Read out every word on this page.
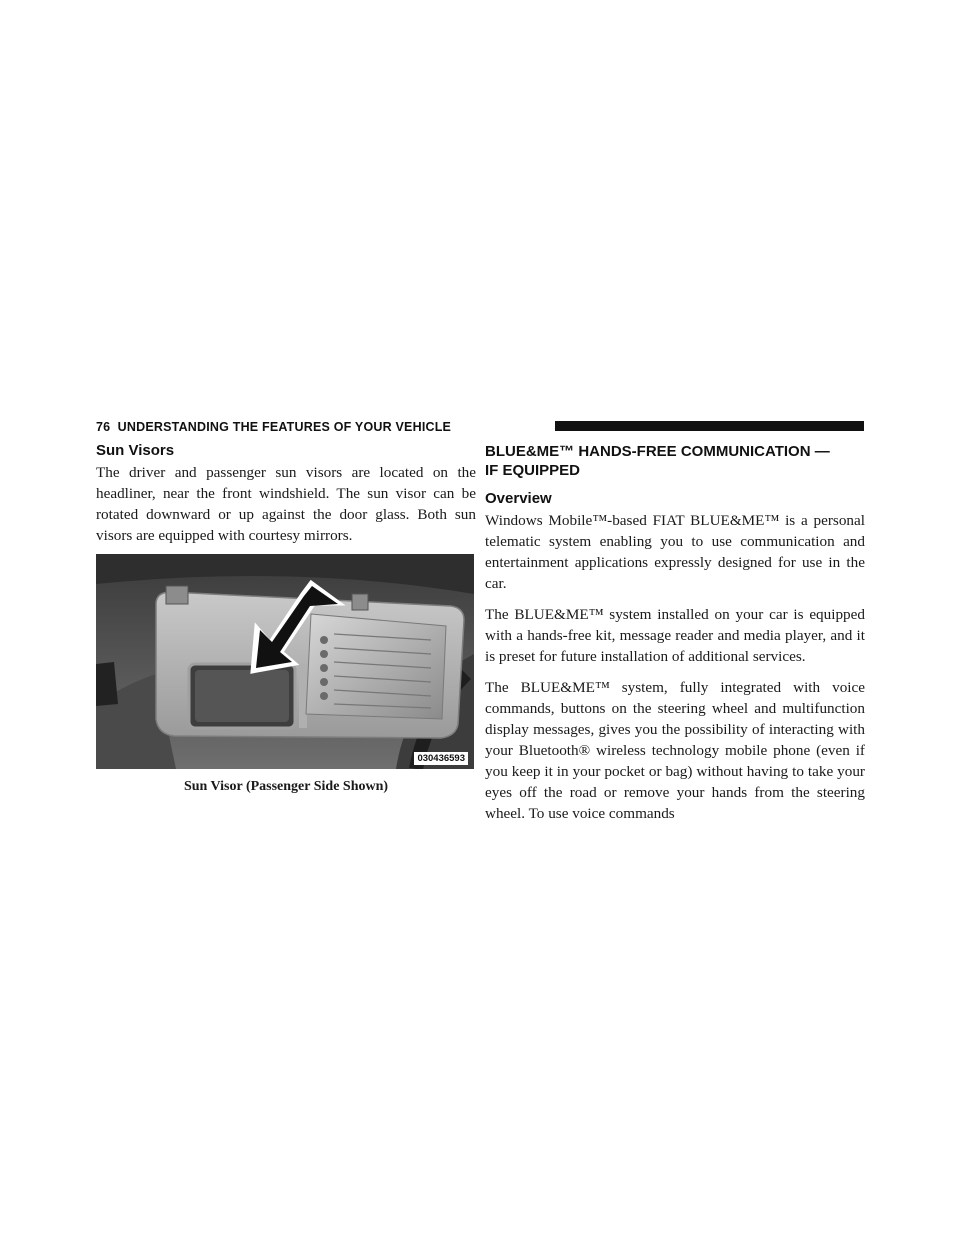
76 UNDERSTANDING THE FEATURES OF YOUR VEHICLE
Sun Visors

The driver and passenger sun visors are located on the headliner, near the front windshield. The sun visor can be rotated downward or up against the door glass. Both sun visors are equipped with courtesy mirrors.

030436593
Sun Visor (Passenger Side Shown)
BLUE&ME™ HANDS-FREE COMMUNICATION —
IF EQUIPPED
Overview

Windows Mobile™-based FIAT BLUE&ME™ is a personal telematic system enabling you to use communication and entertainment applications expressly designed for use in the car.

The BLUE&ME™ system installed on your car is equipped with a hands-free kit, message reader and media player, and it is preset for future installation of additional services.

The BLUE&ME™ system, fully integrated with voice commands, buttons on the steering wheel and multifunction display messages, gives you the possibility of interacting with your Bluetooth® wireless technology mobile phone (even if you keep it in your pocket or bag) without having to take your eyes off the road or remove your hands from the steering wheel. To use voice commands
